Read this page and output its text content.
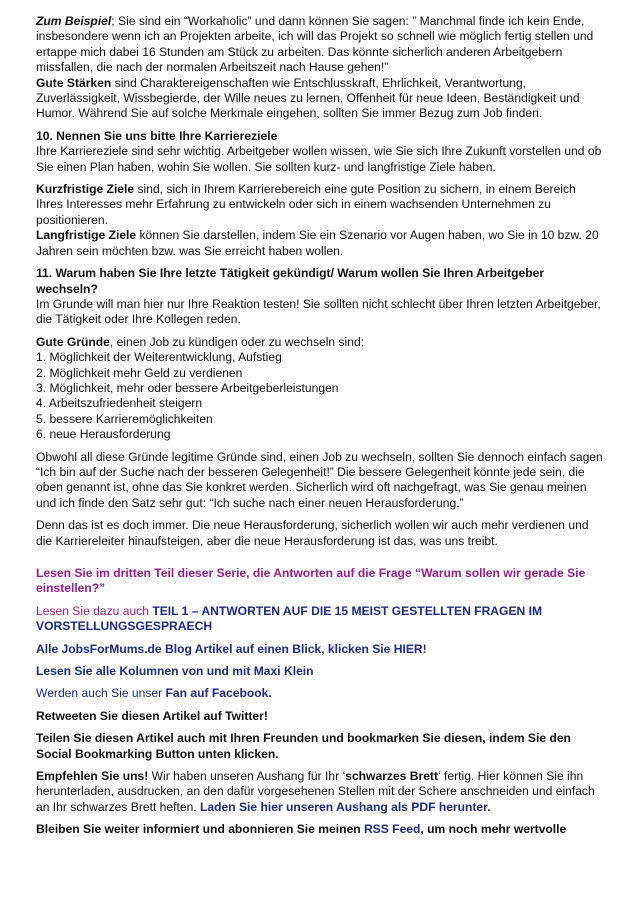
Zum Beispiel; Sie sind ein “Workaholic” und dann können Sie sagen: ” Manchmal finde ich kein Ende, insbesondere wenn ich an Projekten arbeite, ich will das Projekt so schnell wie möglich fertig stellen und ertappe mich dabei 16 Stunden am Stück zu arbeiten. Das könnte sicherlich anderen Arbeitgebern missfallen, die nach der normalen Arbeitszeit nach Hause gehen!”
Gute Stärken sind Charaktereigenschaften wie Entschlusskraft, Ehrlichkeit, Verantwortung, Zuverlässigkeit, Wissbegierde, der Wille neues zu lernen, Offenheit für neue Ideen, Beständigkeit und Humor. Während Sie auf solche Merkmale eingehen, sollten Sie immer Bezug zum Job finden.

10. Nennen Sie uns bitte Ihre Karriereziele
Ihre Karriereziele sind sehr wichtig. Arbeitgeber wollen wissen, wie Sie sich Ihre Zukunft vorstellen und ob Sie einen Plan haben, wohin Sie wollen. Sie sollten kurz- und langfristige Ziele haben.

Kurzfristige Ziele sind, sich in Ihrem Karrierebereich eine gute Position zu sichern, in einem Bereich Ihres Interesses mehr Erfahrung zu entwickeln oder sich in einem wachsenden Unternehmen zu positionieren.
Langfristige Ziele können Sie darstellen, indem Sie ein Szenario vor Augen haben, wo Sie in 10 bzw. 20 Jahren sein möchten bzw. was Sie erreicht haben wollen.

11. Warum haben Sie Ihre letzte Tätigkeit gekündigt/ Warum wollen Sie Ihren Arbeitgeber wechseln?
Im Grunde will man hier nur Ihre Reaktion testen! Sie sollten nicht schlecht über Ihren letzten Arbeitgeber, die Tätigkeit oder Ihre Kollegen reden.

Gute Gründe, einen Job zu kündigen oder zu wechseln sind:
1. Möglichkeit der Weiterentwicklung, Aufstieg
2. Möglichkeit mehr Geld zu verdienen
3. Möglichkeit, mehr oder bessere Arbeitgeberleistungen
4. Arbeitszufriedenheit steigern
5. bessere Karrieremöglichkeiten
6. neue Herausforderung

Obwohl all diese Gründe legitime Gründe sind, einen Job zu wechseln, sollten Sie dennoch einfach sagen “Ich bin auf der Suche nach der besseren Gelegenheit!” Die bessere Gelegenheit könnte jede sein, die oben genannt ist, ohne das Sie konkret werden. Sicherlich wird oft nachgefragt, was Sie genau meinen und ich finde den Satz sehr gut: “Ich suche nach einer neuen Herausforderung.”

Denn das ist es doch immer. Die neue Herausforderung, sicherlich wollen wir auch mehr verdienen und die Karriereleiter hinaufsteigen, aber die neue Herausforderung ist das, was uns treibt.

Lesen Sie im dritten Teil dieser Serie, die Antworten auf die Frage “Warum sollen wir gerade Sie einstellen?”

Lesen Sie dazu auch TEIL 1 – ANTWORTEN AUF DIE 15 MEIST GESTELLTEN FRAGEN IM VORSTELLUNGSGESPRAECH

Alle JobsForMums.de Blog Artikel auf einen Blick, klicken Sie HIER!

Lesen Sie alle Kolumnen von und mit Maxi Klein

Werden auch Sie unser Fan auf Facebook.

Retweeten Sie diesen Artikel auf Twitter!

Teilen Sie diesen Artikel auch mit Ihren Freunden und bookmarken Sie diesen, indem Sie den Social Bookmarking Button unten klicken.

Empfehlen Sie uns! Wir haben unseren Aushang für Ihr ‘schwarzes Brett‘ fertig. Hier können Sie ihn herunterladen, ausdrucken, an den dafür vorgesehenen Stellen mit der Schere anschneiden und einfach an Ihr schwarzes Brett heften. Laden Sie hier unseren Aushang als PDF herunter.

Bleiben Sie weiter informiert und abonnieren Sie meinen RSS Feed, um noch mehr wertvolle
